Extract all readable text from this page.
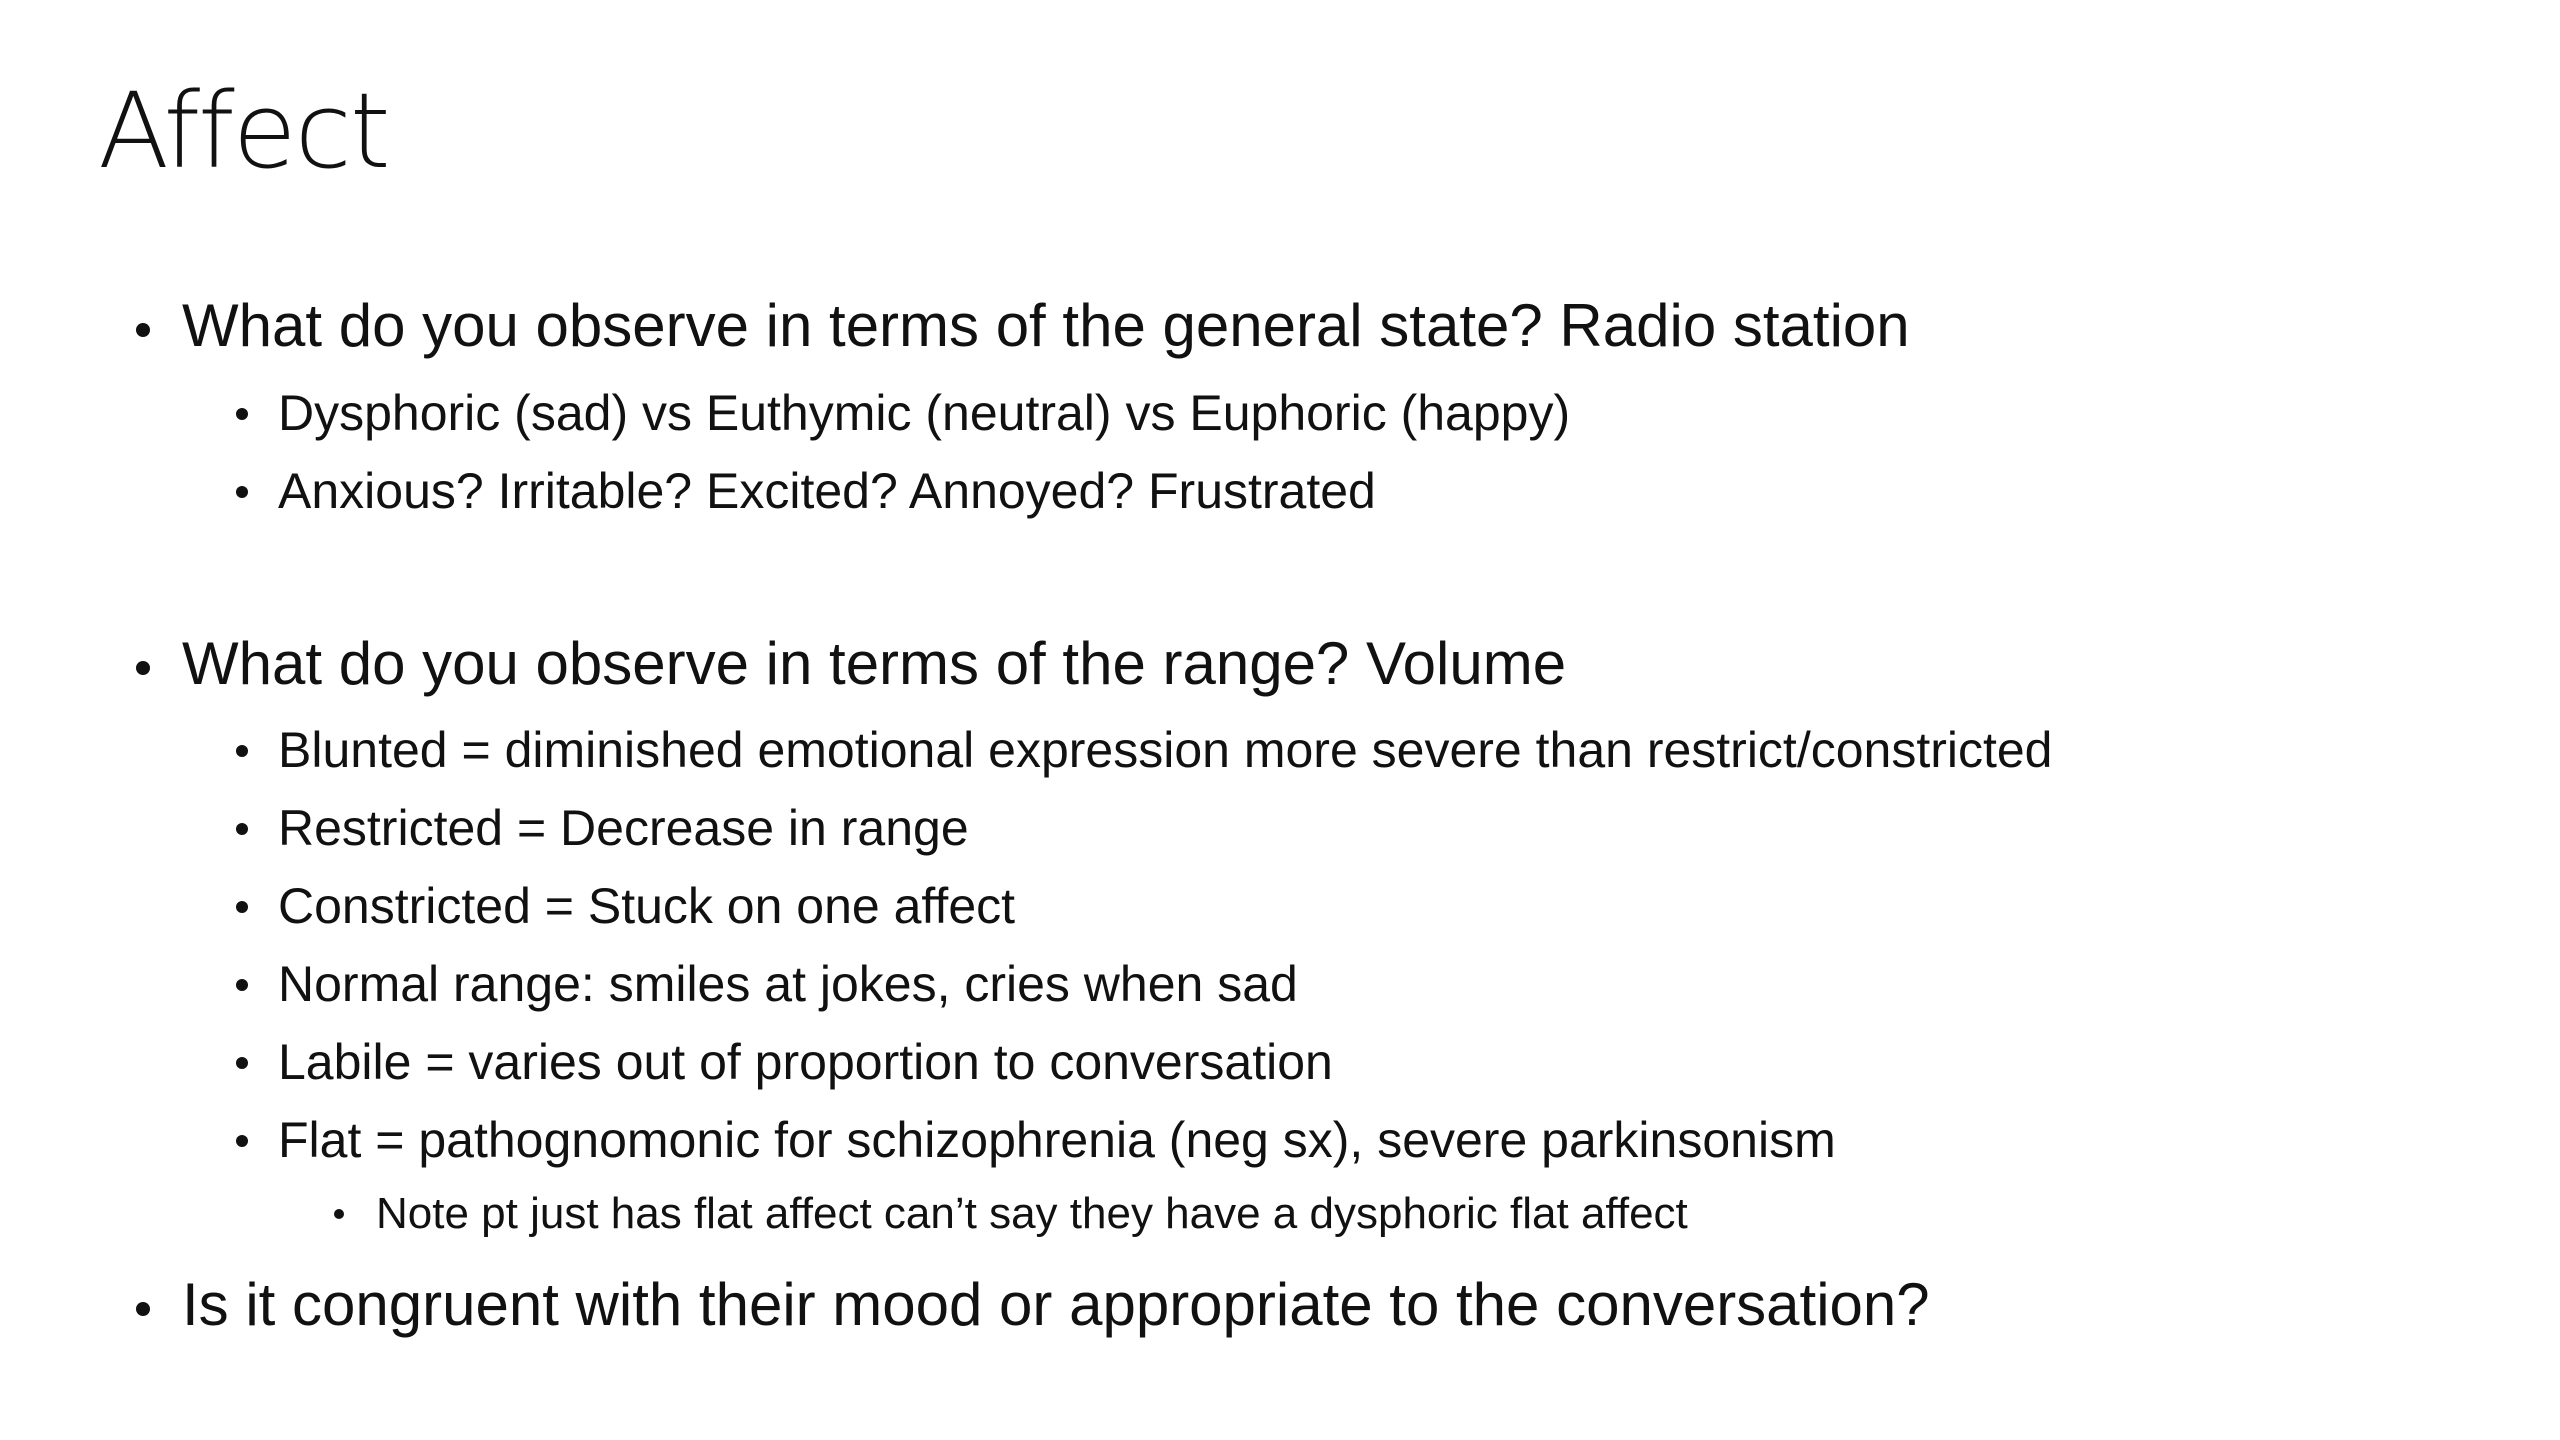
Affect
What do you observe in terms of the general state? Radio station
Dysphoric (sad) vs Euthymic (neutral) vs Euphoric (happy)
Anxious? Irritable? Excited? Annoyed? Frustrated
What do you observe in terms of the range? Volume
Blunted = diminished emotional expression more severe than restrict/constricted
Restricted = Decrease in range
Constricted = Stuck on one affect
Normal range: smiles at jokes, cries when sad
Labile = varies out of proportion to conversation
Flat = pathognomonic for schizophrenia (neg sx), severe parkinsonism
Note pt just has flat affect can’t say they have a dysphoric flat affect
Is it congruent with their mood or appropriate to the conversation?
